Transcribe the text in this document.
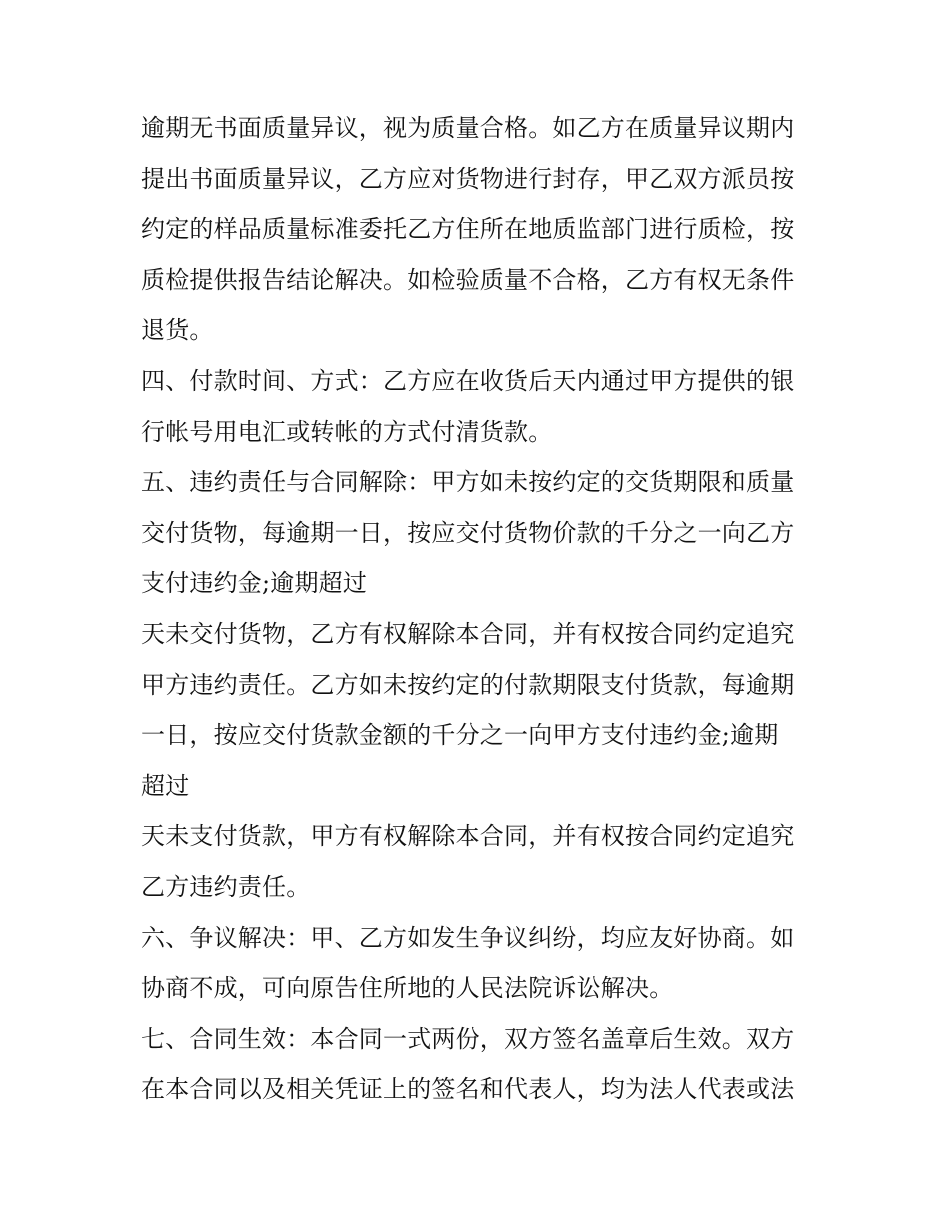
逾期无书面质量异议，视为质量合格。如乙方在质量异议期内
提出书面质量异议，乙方应对货物进行封存，甲乙双方派员按
约定的样品质量标准委托乙方住所在地质监部门进行质检，按
质检提供报告结论解决。如检验质量不合格，乙方有权无条件
退货。
四、付款时间、方式：乙方应在收货后天内通过甲方提供的银
行帐号用电汇或转帐的方式付清货款。
五、违约责任与合同解除：甲方如未按约定的交货期限和质量
交付货物，每逾期一日，按应交付货物价款的千分之一向乙方
支付违约金;逾期超过
天未交付货物，乙方有权解除本合同，并有权按合同约定追究
甲方违约责任。乙方如未按约定的付款期限支付货款，每逾期
一日，按应交付货款金额的千分之一向甲方支付违约金;逾期
超过
天未支付货款，甲方有权解除本合同，并有权按合同约定追究
乙方违约责任。
六、争议解决：甲、乙方如发生争议纠纷，均应友好协商。如
协商不成，可向原告住所地的人民法院诉讼解决。
七、合同生效：本合同一式两份，双方签名盖章后生效。双方
在本合同以及相关凭证上的签名和代表人，均为法人代表或法
